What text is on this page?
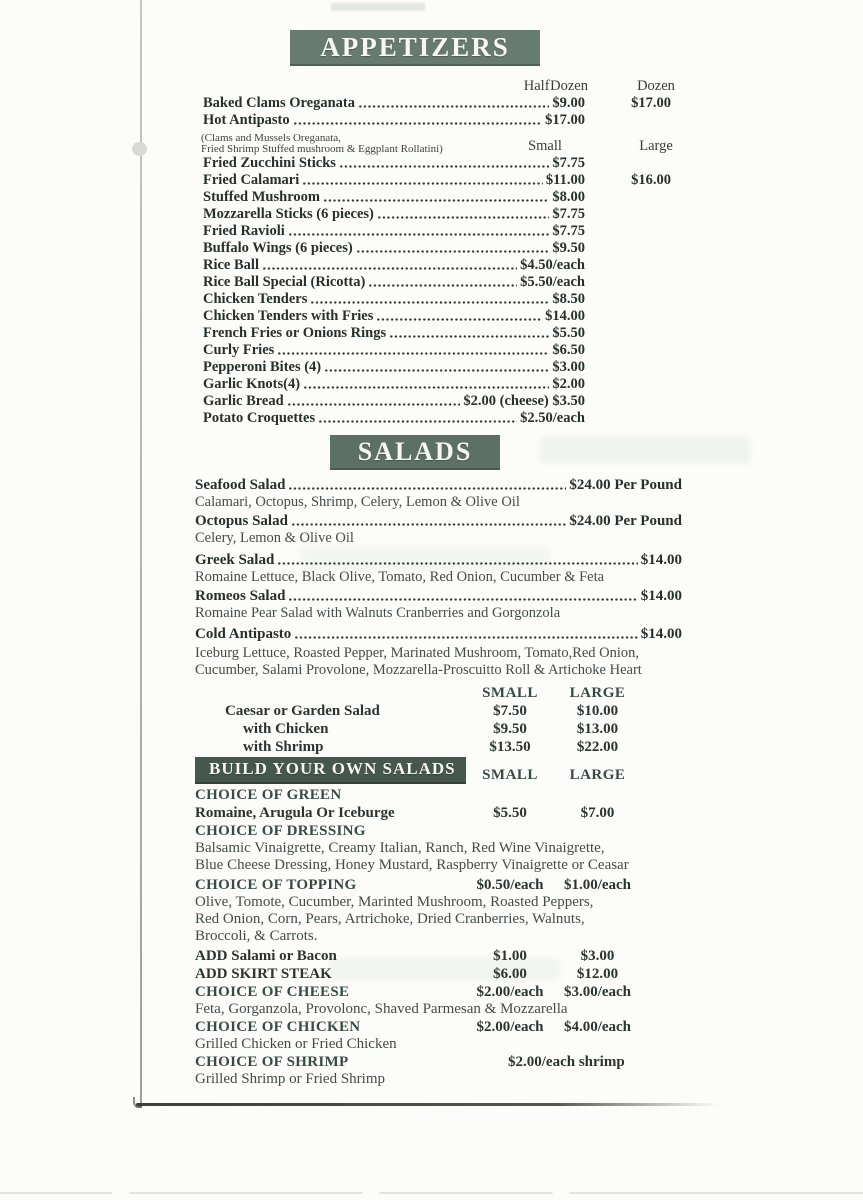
APPETIZERS
Half Dozen	Dozen
Baked Clams Oreganata	$9.00	$17.00
Hot Antipasto	$17.00
(Clams and Mussels Oreganata,
Fried Shrimp Stuffed mushroom & Eggplant Rollatini)	Small	Large
Fried Zucchini Sticks	$7.75
Fried Calamari	$11.00	$16.00
Stuffed Mushroom	$8.00
Mozzarella Sticks (6 pieces)	$7.75
Fried Ravioli	$7.75
Buffalo Wings (6 pieces)	$9.50
Rice Ball	$4.50/each
Rice Ball Special (Ricotta)	$5.50/each
Chicken Tenders	$8.50
Chicken Tenders with Fries	$14.00
French Fries or Onions Rings	$5.50
Curly Fries	$6.50
Pepperoni Bites (4)	$3.00
Garlic Knots(4)	$2.00
Garlic Bread	$2.00 (cheese) $3.50
Potato Croquettes	$2.50/each
SALADS
Seafood Salad	$24.00 Per Pound
Calamari, Octopus, Shrimp, Celery, Lemon & Olive Oil
Octopus Salad	$24.00 Per Pound
Celery, Lemon & Olive Oil
Greek Salad	$14.00
Romaine Lettuce, Black Olive, Tomato, Red Onion, Cucumber & Feta
Romeos Salad	$14.00
Romaine Pear Salad with Walnuts Cranberries and Gorgonzola
Cold Antipasto	$14.00
Iceburg Lettuce, Roasted Pepper, Marinated Mushroom, Tomato,Red Onion,
Cucumber, Salami Provolone, Mozzarella-Proscuitto Roll & Artichoke Heart
SMALL	LARGE
Caesar or Garden Salad	$7.50	$10.00
with Chicken	$9.50	$13.00
with Shrimp	$13.50	$22.00
BUILD YOUR OWN SALADS	SMALL	LARGE
CHOICE OF GREEN
Romaine, Arugula Or Iceburge	$5.50	$7.00
CHOICE OF DRESSING
Balsamic Vinaigrette, Creamy Italian, Ranch, Red Wine Vinaigrette,
Blue Cheese Dressing, Honey Mustard, Raspberry Vinaigrette or Ceasar
CHOICE OF TOPPING	$0.50/each	$1.00/each
Olive, Tomote, Cucumber, Marinted Mushroom, Roasted Peppers,
Red Onion, Corn, Pears, Artrichoke, Dried Cranberries, Walnuts,
Broccoli, & Carrots.
ADD Salami or Bacon	$1.00	$3.00
ADD SKIRT STEAK	$6.00	$12.00
CHOICE OF CHEESE	$2.00/each	$3.00/each
Feta, Gorganzola, Provolonc, Shaved Parmesan & Mozzarella
CHOICE OF CHICKEN	$2.00/each	$4.00/each
Grilled Chicken or Fried Chicken
CHOICE OF SHRIMP	$2.00/each shrimp
Grilled Shrimp or Fried Shrimp
